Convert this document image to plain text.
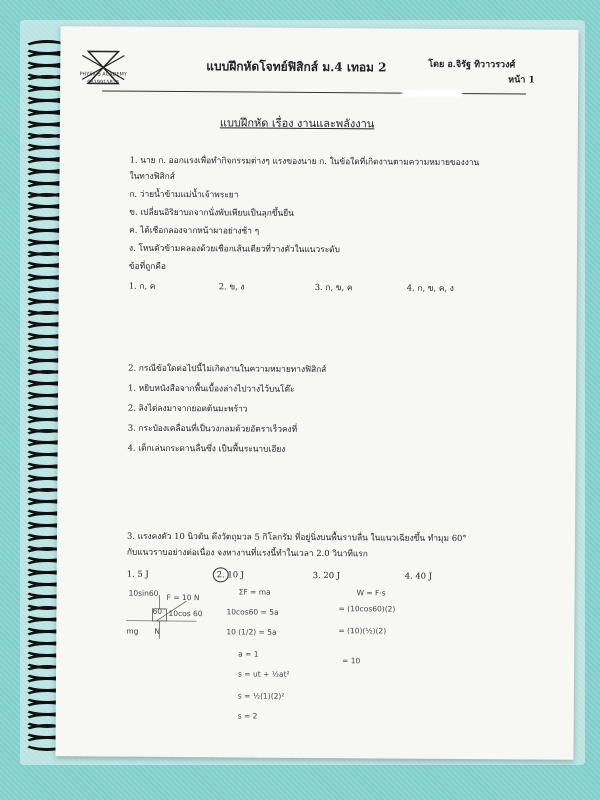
PHYSICS ACADEMY
0819915826
แบบฝึกหัดโจทย์ฟิสิกส์ ม.4 เทอม 2	โดย อ.จิรัฐ ทิวาวรวงศ์
หน้า 1
แบบฝึกหัด เรื่อง งานและพลังงาน
1. นาย ก. ออกแรงเพื่อทำกิจกรรมต่างๆ แรงของนาย ก. ในข้อใดที่เกิดงานตามความหมายของงาน
ในทางฟิสิกส์
ก. ว่ายน้ำข้ามแม่น้ำเจ้าพระยา
ข. เปลี่ยนอิริยาบถจากนั่งพับเพียบเป็นลุกขึ้นยืน
ค. ได้เชือกลองจากหน้าผาอย่างช้า ๆ
ง. โหนตัวข้ามคลองด้วยเชือกเส้นเดียวที่วางตัวในแนวระดับ
ข้อที่ถูกคือ
1. ก, ค	2. ข, ง	3. ก, ข, ค	4. ก, ข, ค, ง
2. กรณีข้อใดต่อไปนี้ไม่เกิดงานในความหมายทางฟิสิกส์
1. หยิบหนังสือจากพื้นเบื้องล่างไปวางไว้บนโต๊ะ
2. ลิงไต่ลงมาจากยอดต้นมะพร้าว
3. กระป๋องเคลื่อนที่เป็นวงกลมด้วยอัตราเร็วคงที่
4. เด็กเล่นกระดานลื่นซึ่ง เป็นพื้นระนาบเอียง
3. แรงคงตัว 10 นิวตัน ดึงวัตถุมวล 5 กิโลกรัม ที่อยู่นิ่งบนพื้นราบลื่น ในแนวเฉียงขึ้น ทำมุม 60°
กับแนวราบอย่างต่อเนื่อง จงหางานที่แรงนี้ทำในเวลา 2.0 วินาทีแรก
1. 5 J	2. 10 J	3. 20 J	4. 40 J
10sin60 F = 10 N
10cos 60
60
mg N
ΣF = ma
10cos60 = 5a
10 (1/2) = 5a
a = 1
s = ut + ½at²
s = ½(1)(2)²
s = 2
W = F·s
= (10cos60)(2)
= (10)(½)(2)
= 10
